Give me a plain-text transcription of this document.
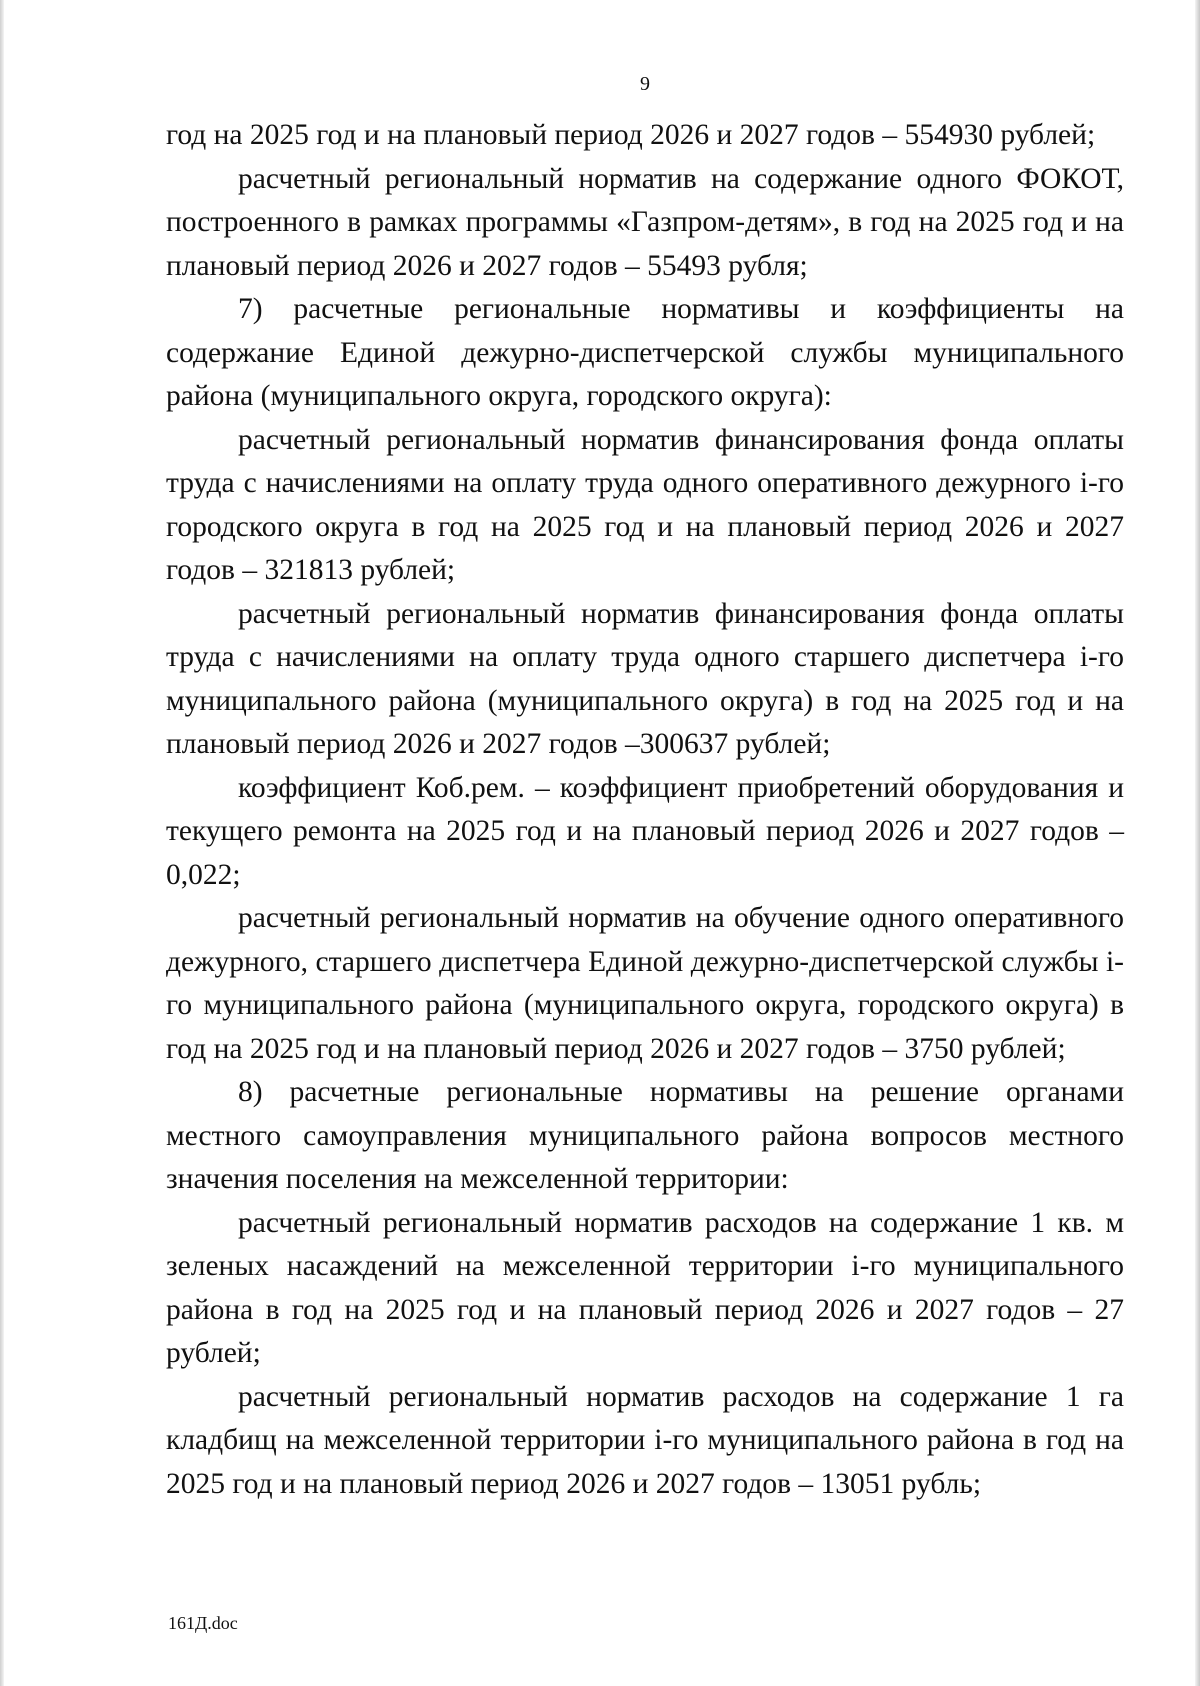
9

год на 2025 год и на плановый период 2026 и 2027 годов – 554930 рублей;

расчетный региональный норматив на содержание одного ФОКОТ, построенного в рамках программы «Газпром-детям», в год на 2025 год и на плановый период 2026 и 2027 годов – 55493 рубля;

7) расчетные региональные нормативы и коэффициенты на содержание Единой дежурно-диспетчерской службы муниципального района (муниципального округа, городского округа):

расчетный региональный норматив финансирования фонда оплаты труда с начислениями на оплату труда одного оперативного дежурного i-го городского округа в год на 2025 год и на плановый период 2026 и 2027 годов – 321813 рублей;

расчетный региональный норматив финансирования фонда оплаты труда с начислениями на оплату труда одного старшего диспетчера i-го муниципального района (муниципального округа) в год на 2025 год и на плановый период 2026 и 2027 годов –300637 рублей;

коэффициент Коб.рем. – коэффициент приобретений оборудования и текущего ремонта на 2025 год и на плановый период 2026 и 2027 годов – 0,022;

расчетный региональный норматив на обучение одного оперативного дежурного, старшего диспетчера Единой дежурно-диспетчерской службы i-го муниципального района (муниципального округа, городского округа) в год на 2025 год и на плановый период 2026 и 2027 годов – 3750 рублей;

8) расчетные региональные нормативы на решение органами местного самоуправления муниципального района вопросов местного значения поселения на межселенной территории:

расчетный региональный норматив расходов на содержание 1 кв. м зеленых насаждений на межселенной территории i-го муниципального района в год на 2025 год и на плановый период 2026 и 2027 годов – 27 рублей;

расчетный региональный норматив расходов на содержание 1 га кладбищ на межселенной территории i-го муниципального района в год на 2025 год и на плановый период 2026 и 2027 годов – 13051 рубль;

161Д.doc
